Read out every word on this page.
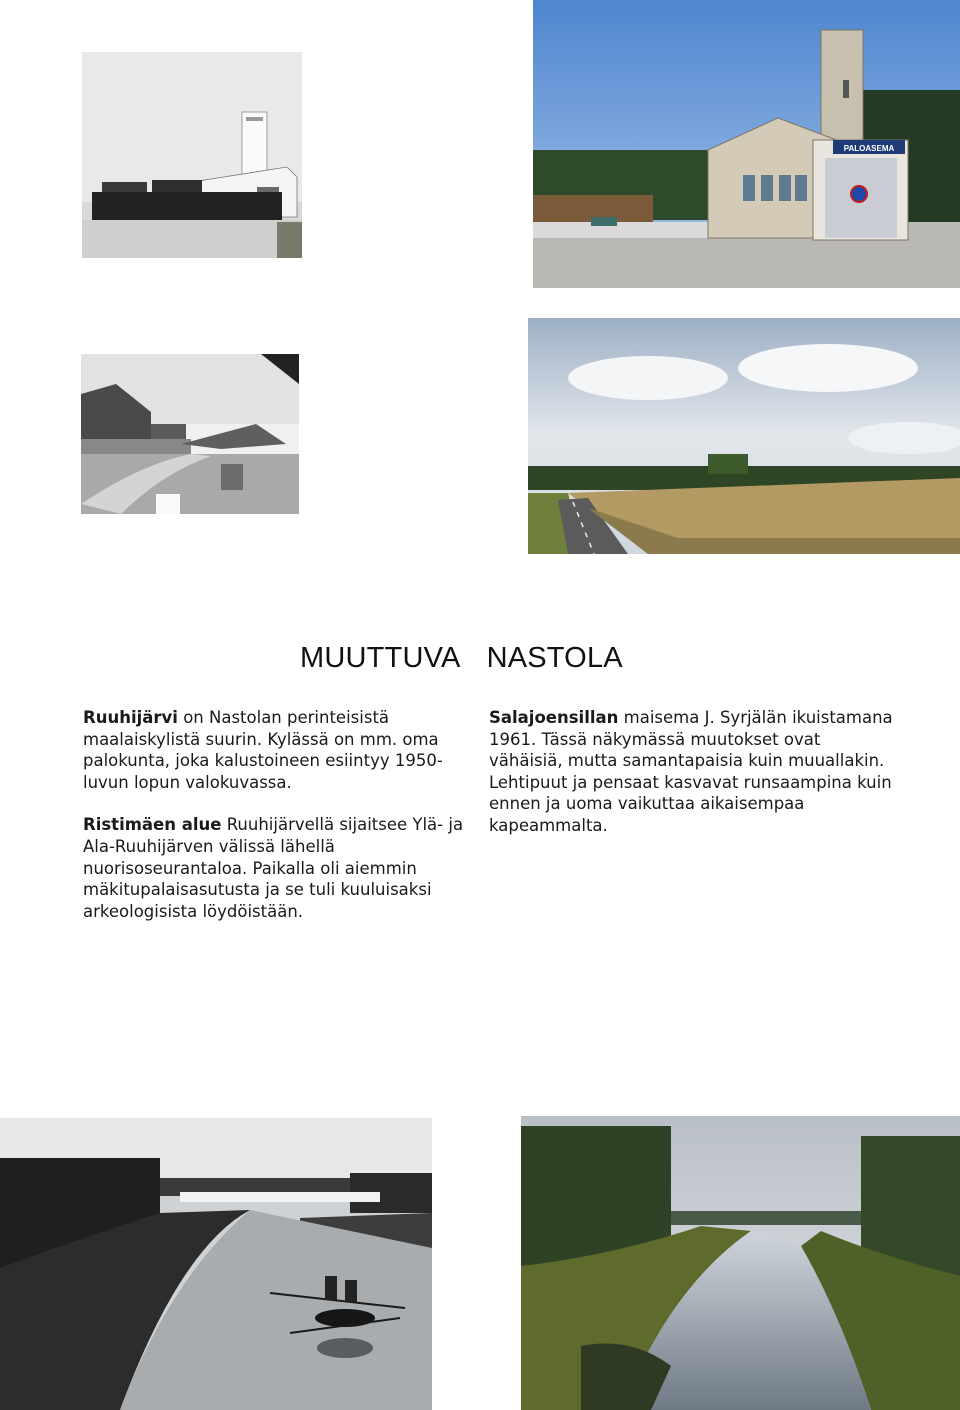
PALOASEMA
MUUTTUVA NASTOLA

Ruuhijärvi on Nastolan perinteisistä maalaiskylistä suurin. Kylässä on mm. oma palokunta, joka kalustoineen esiintyy 1950-luvun lopun valokuvassa.

Ristimäen alue Ruuhijärvellä sijaitsee Ylä- ja Ala-Ruuhijärven välissä lähellä nuorisoseurantaloa. Paikalla oli aiemmin mäkitupalaisasutusta ja se tuli kuuluisaksi arkeologisista löydöistään.

Salajoensillan maisema J. Syrjälän ikuistamana 1961. Tässä näkymässä muutokset ovat vähäisiä, mutta samantapaisia kuin muuallakin. Lehtipuut ja pensaat kasvavat runsaampina kuin ennen ja uoma vaikuttaa aikaisempaa kapeammalta.
